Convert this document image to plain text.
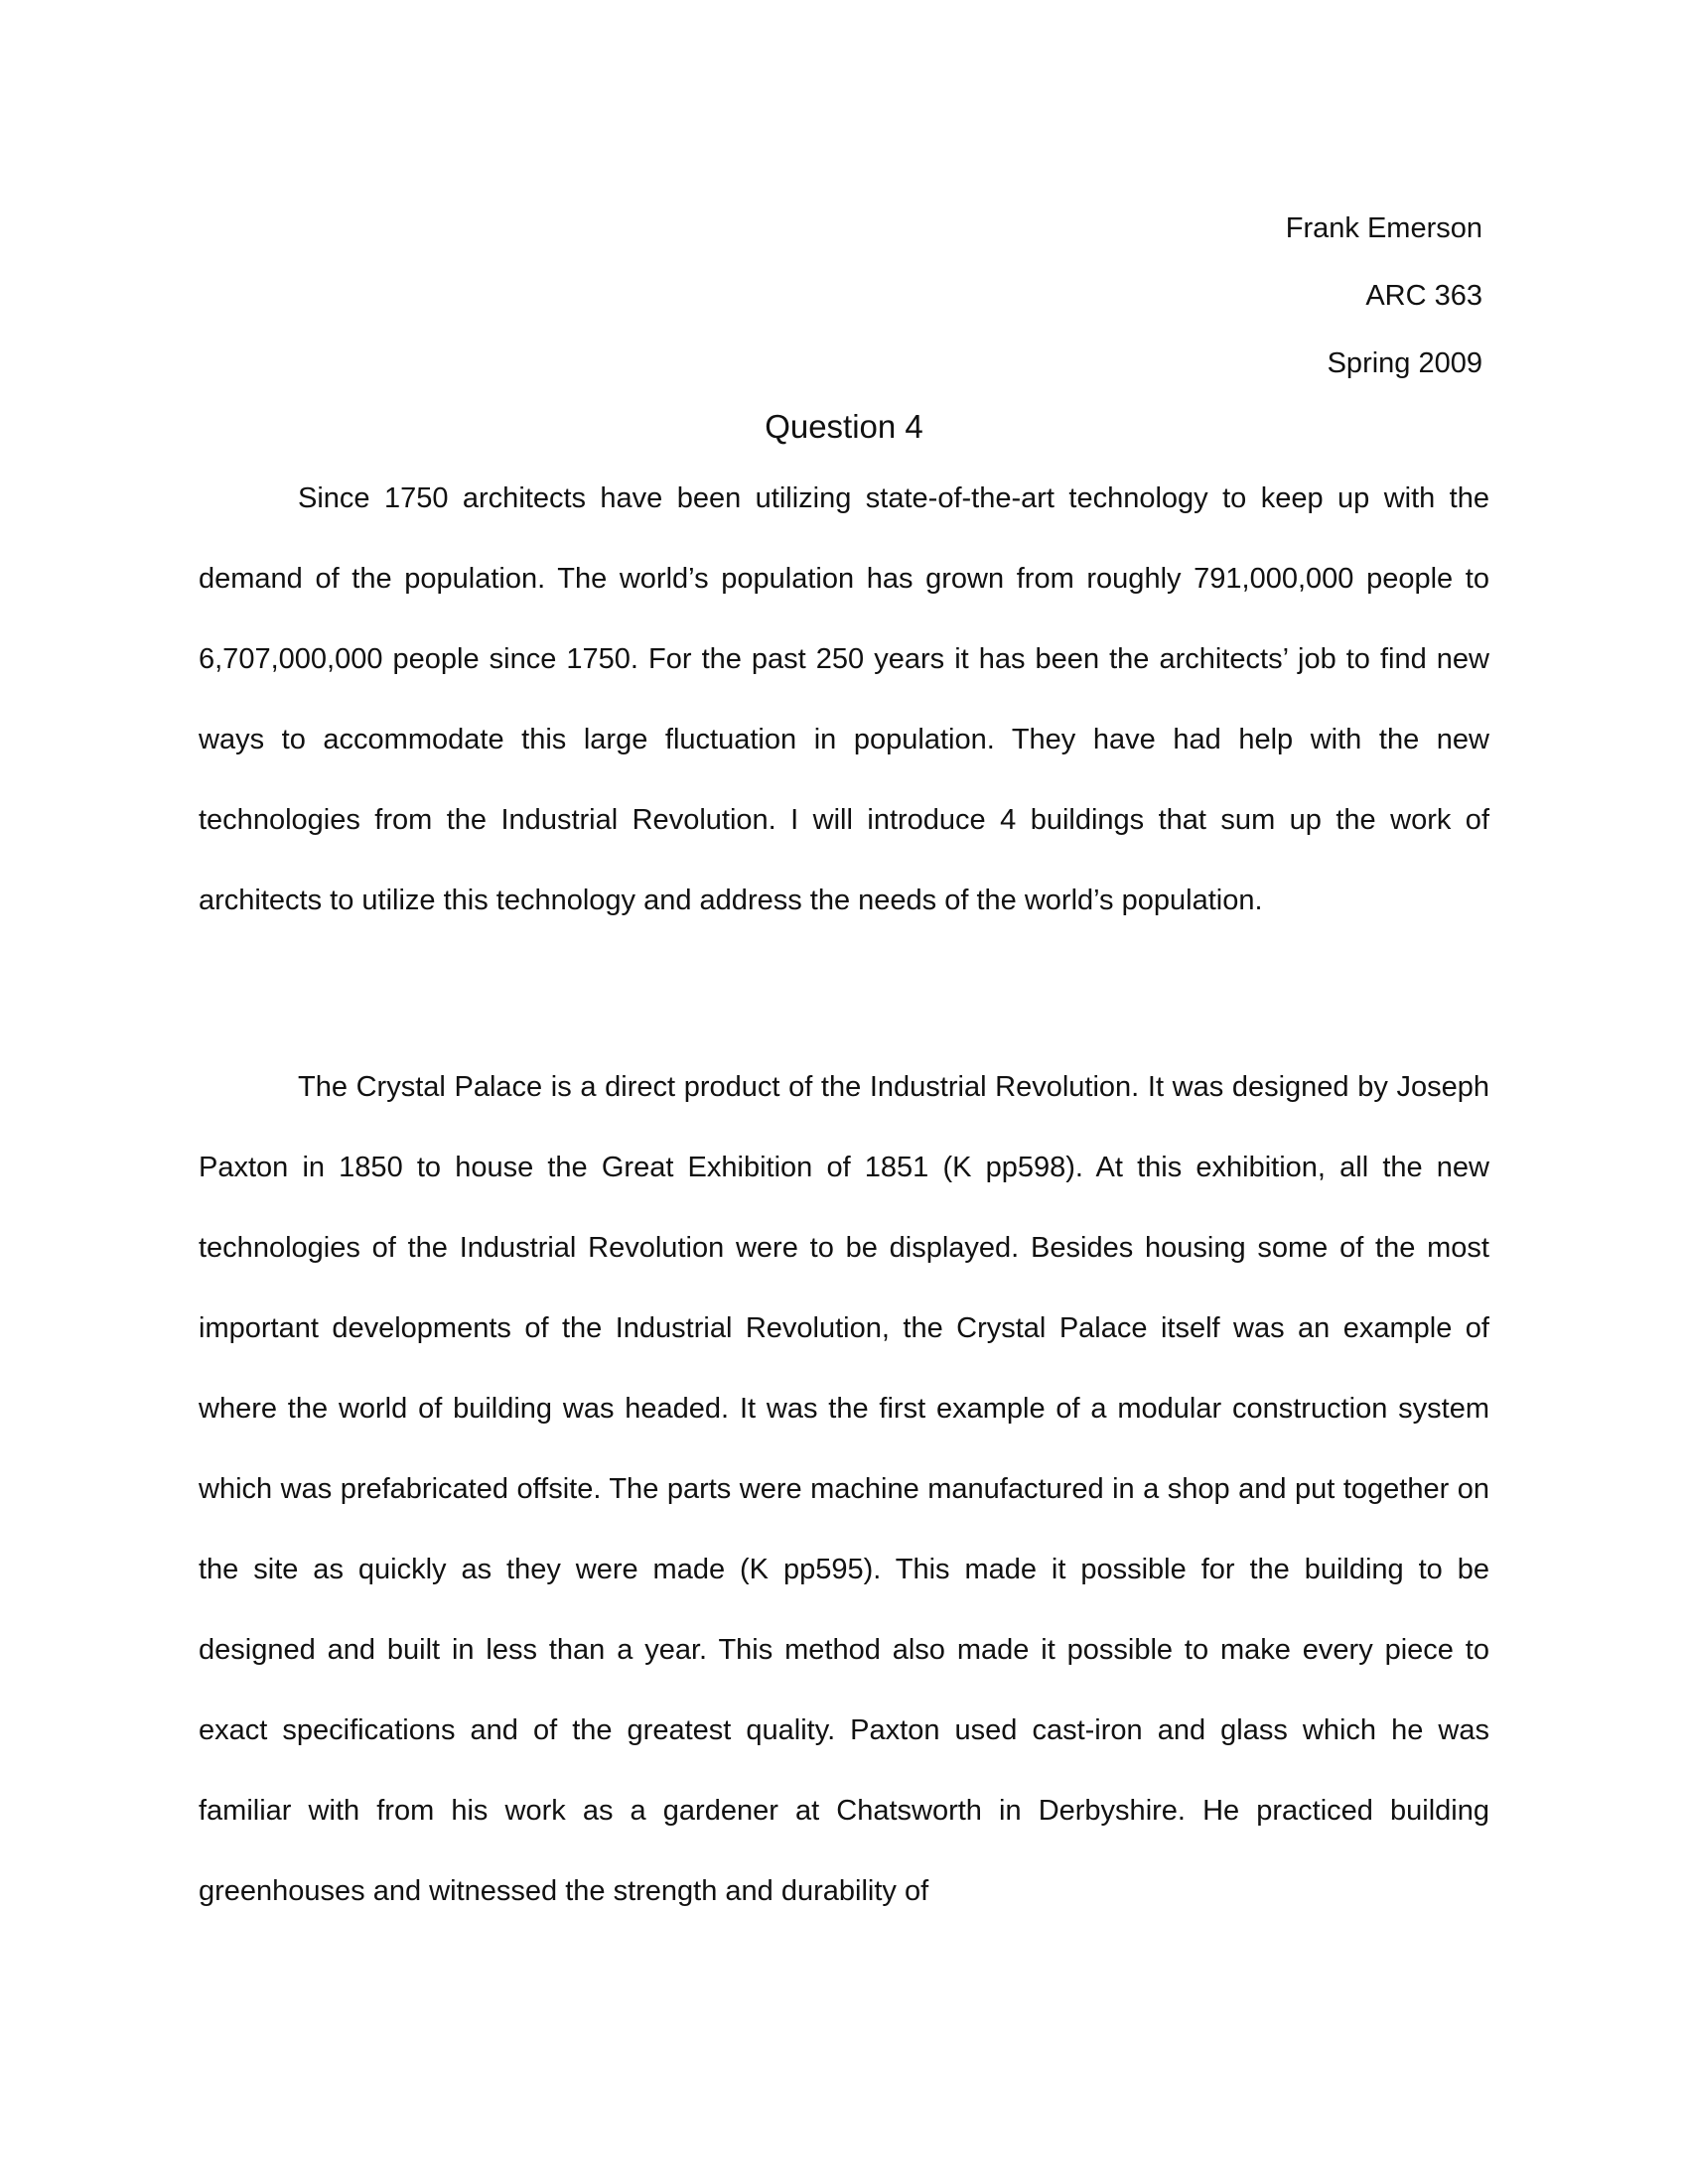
Frank Emerson
ARC 363
Spring 2009
Question 4

Since 1750 architects have been utilizing state-of-the-art technology to keep up with the demand of the population. The world’s population has grown from roughly 791,000,000 people to 6,707,000,000 people since 1750. For the past 250 years it has been the architects’ job to find new ways to accommodate this large fluctuation in population. They have had help with the new technologies from the Industrial Revolution. I will introduce 4 buildings that sum up the work of architects to utilize this technology and address the needs of the world’s population.

The Crystal Palace is a direct product of the Industrial Revolution. It was designed by Joseph Paxton in 1850 to house the Great Exhibition of 1851 (K pp598). At this exhibition, all the new technologies of the Industrial Revolution were to be displayed. Besides housing some of the most important developments of the Industrial Revolution, the Crystal Palace itself was an example of where the world of building was headed. It was the first example of a modular construction system which was prefabricated offsite. The parts were machine manufactured in a shop and put together on the site as quickly as they were made (K pp595). This made it possible for the building to be designed and built in less than a year. This method also made it possible to make every piece to exact specifications and of the greatest quality. Paxton used cast-iron and glass which he was familiar with from his work as a gardener at Chatsworth in Derbyshire. He practiced building greenhouses and witnessed the strength and durability of
